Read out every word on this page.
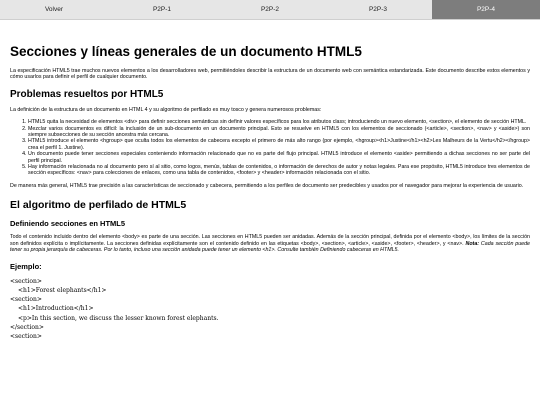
Volver	P2P-1	P2P-2	P2P-3	P2P-4
Secciones y líneas generales de un documento HTML5

La especificación HTML5 trae muchos nuevos elementos a los desarrolladores web, permitiéndoles describir la estructura de un documento web con semántica estandarizada. Este documento describe estos elementos y cómo usarlos para definir el perfil de cualquier documento.

Problemas resueltos por HTML5

La definición de la estructura de un documento en HTML 4 y su algoritmo de perfilado es muy tosco y genera numerosos problemas:

1. HTML5 quita la necesidad de elementos <div> para definir secciones semánticas sin definir valores específicos para los atributos class; introduciendo un nuevo elemento, <section>, el elemento de sección HTML.
2. Mezclar varios documentos es difícil: la inclusión de un sub-documento en un documento principal. Esto se resuelve en HTML5 con los elementos de seccionado (<article>, <section>, <nav> y <aside>) son siempre subsecciones de su sección ancestra más cercana.
3. HTML5 introduce el elemento <hgroup> que oculta todos los elementos de cabecera excepto el primero de más alto rango (por ejemplo, <hgroup><h1>Justine</h1><h2>Les Malheurs de la Vertu</h2></hgroup> crea el perfil 1. Justine).
4. Un documento puede tener secciones especiales conteniendo información relacionado que no es parte del flujo principal. HTML5 introduce el elemento <aside> permitiendo a dichas secciones no ser parte del perfil principal.
5. Hay información relacionada no al documento pero sí al sitio, como logos, menús, tablas de contenidos, o información de derechos de autor y notas legales. Para ese propósito, HTML5 introduce tres elementos de sección específicos: <nav> para colecciones de enlaces, como una tabla de contenidos, <footer> y <header> información relacionada con el sitio.

De manera más general, HTML5 trae precisión a las características de seccionado y cabecera, permitiendo a los perfiles de documento ser predecibles y usados por el navegador para mejorar la experiencia de usuario.

El algoritmo de perfilado de HTML5
Definiendo secciones en HTML5

Todo el contenido incluido dentro del elemento <body> es parte de una sección. Las secciones en HTML5 pueden ser anidadas. Además de la sección principal, definida por el elemento <body>, los límites de la sección son definidos explícita o implícitamente. La secciones definidas explícitamente son el contenido definido en las etiquetas <body>, <section>, <article>, <aside>, <footer>, <header>, y <nav>. Nota: Cada sección puede tener su propia jerarquía de cabeceras. Por lo tanto, incluso una sección anidada puede tener un elemento <h1>. Consulte también Definiendo cabeceras en HTML5.

Ejemplo:
<section>
<h1>Forest elephants</h1>
<section>
<h1>Introduction</h1>
<p>In this section, we discuss the lesser known forest elephants.
</section>
<section>
